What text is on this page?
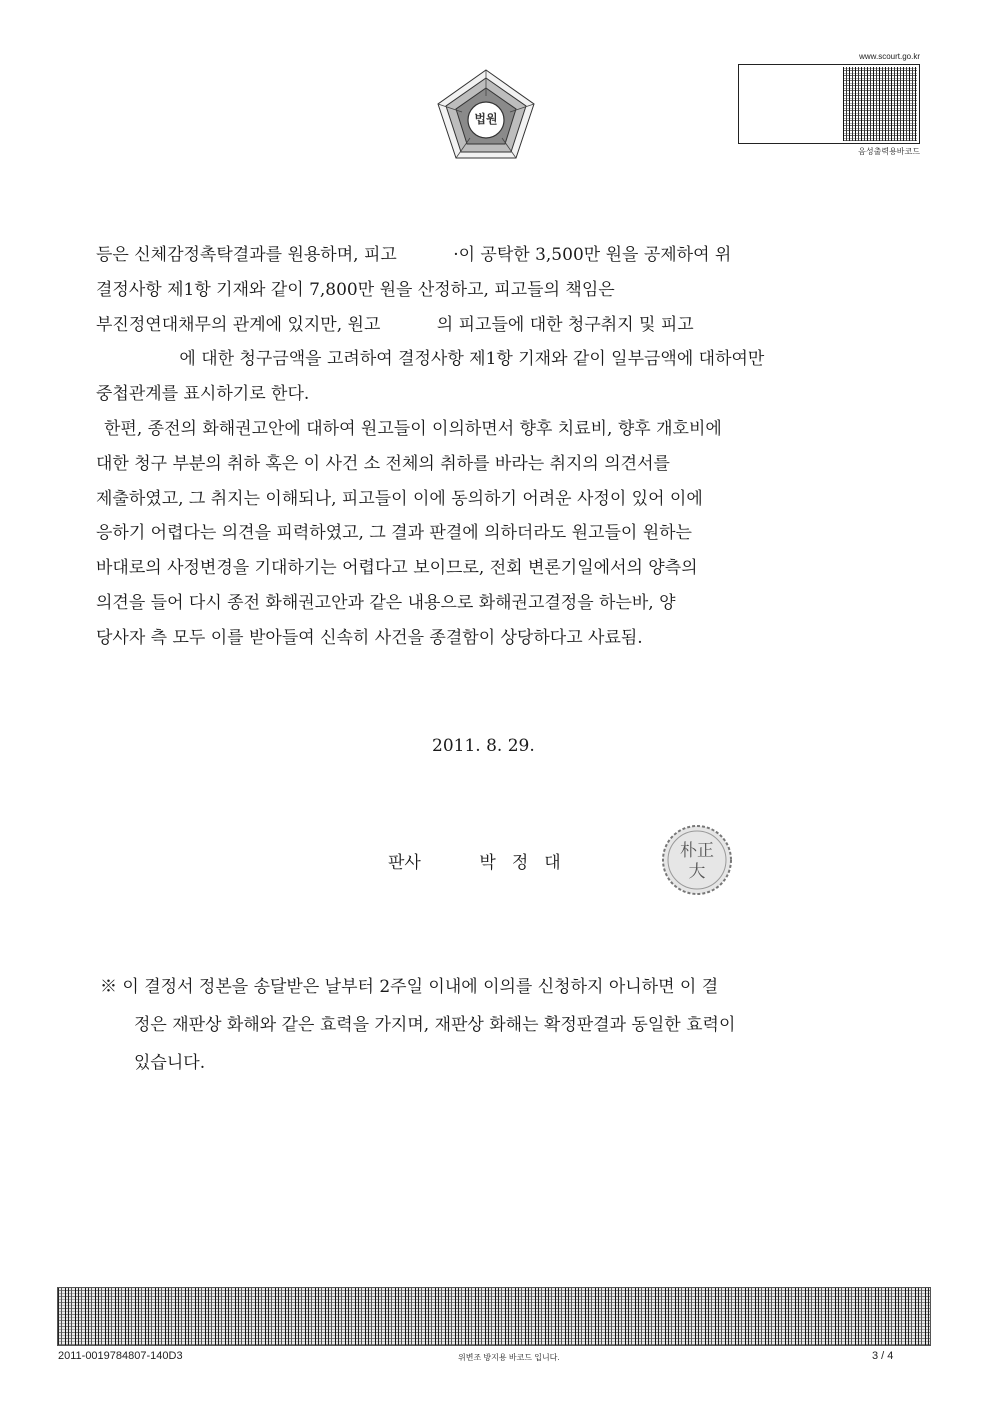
법원
www.scourt.go.kr
음성출력용바코드
등은 신체감정촉탁결과를 원용하며, 피고 　　　·이 공탁한 3,500만 원을 공제하여 위
결정사항 제1항 기재와 같이 7,800만 원을 산정하고, 피고들의 책임은
부진정연대채무의 관계에 있지만, 원고 　　　의 피고들에 대한 청구취지 및 피고
　　 에 대한 청구금액을 고려하여 결정사항 제1항 기재와 같이 일부금액에 대하여만
중첩관계를 표시하기로 한다.
한편, 종전의 화해권고안에 대하여 원고들이 이의하면서 향후 치료비, 향후 개호비에
대한 청구 부분의 취하 혹은 이 사건 소 전체의 취하를 바라는 취지의 의견서를
제출하였고, 그 취지는 이해되나, 피고들이 이에 동의하기 어려운 사정이 있어 이에
응하기 어렵다는 의견을 피력하였고, 그 결과 판결에 의하더라도 원고들이 원하는
바대로의 사정변경을 기대하기는 어렵다고 보이므로, 전회 변론기일에서의 양측의
의견을 들어 다시 종전 화해권고안과 같은 내용으로 화해권고결정을 하는바, 양
당사자 측 모두 이를 받아들여 신속히 사건을 종결함이 상당하다고 사료됨.
2011. 8. 29.
판사	박정대
朴正
大
※ 이 결정서 정본을 송달받은 날부터 2주일 이내에 이의를 신청하지 아니하면 이 결
정은 재판상 화해와 같은 효력을 가지며, 재판상 화해는 확정판결과 동일한 효력이
있습니다.
2011-0019784807-140D3	위변조 방지용 바코드 입니다.	3 / 4
